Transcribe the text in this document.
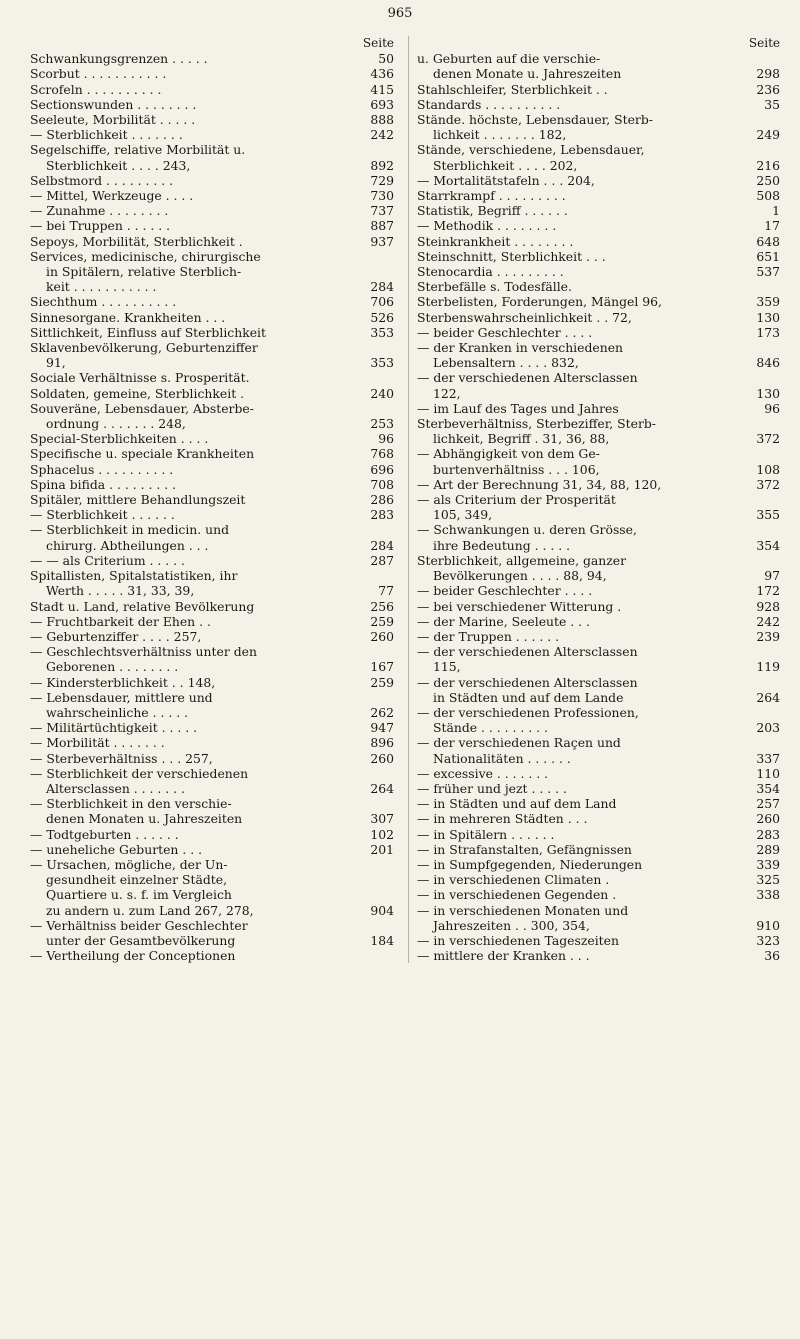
965
Seite
Schwankungsgrenzen . . . . .	50
Scorbut . . . . . . . . . . .	436
Scrofeln . . . . . . . . . .	415
Sectionswunden . . . . . . . .	693
Seeleute, Morbilität . . . . .	888
— Sterblichkeit . . . . . . .	242
Segelschiffe, relative Morbilität u.
Sterblichkeit . . . . 243,	892
Selbstmord . . . . . . . . .	729
— Mittel, Werkzeuge . . . .	730
— Zunahme . . . . . . . .	737
— bei Truppen . . . . . .	887
Sepoys, Morbilität, Sterblichkeit .	937
Services, medicinische, chirurgische
in Spitälern, relative Sterblich-
keit . . . . . . . . . . .	284
Siechthum . . . . . . . . . .	706
Sinnesorgane. Krankheiten . . .	526
Sittlichkeit, Einfluss auf Sterblichkeit	353
Sklavenbevölkerung, Geburtenziffer
91,	353
Sociale Verhältnisse s. Prosperität.
Soldaten, gemeine, Sterblichkeit .	240
Souveräne, Lebensdauer, Absterbe-
ordnung . . . . . . . 248,	253
Special-Sterblichkeiten . . . .	96
Specifische u. speciale Krankheiten	768
Sphacelus . . . . . . . . . .	696
Spina bifida . . . . . . . . .	708
Spitäler, mittlere Behandlungszeit	286
— Sterblichkeit . . . . . .	283
— Sterblichkeit in medicin. und
chirurg. Abtheilungen . . .	284
— — als Criterium . . . . .	287
Spitallisten, Spitalstatistiken, ihr
Werth . . . . . 31, 33, 39,	77
Stadt u. Land, relative Bevölkerung	256
— Fruchtbarkeit der Ehen . .	259
— Geburtenziffer . . . . 257,	260
— Geschlechtsverhältniss unter den
Geborenen . . . . . . . .	167
— Kindersterblichkeit . . 148,	259
— Lebensdauer, mittlere und
wahrscheinliche . . . . .	262
— Militärtüchtigkeit . . . . .	947
— Morbilität . . . . . . .	896
— Sterbeverhältniss . . . 257,	260
— Sterblichkeit der verschiedenen
Altersclassen . . . . . . .	264
— Sterblichkeit in den verschie-
denen Monaten u. Jahreszeiten	307
— Todtgeburten . . . . . .	102
— uneheliche Geburten . . .	201
— Ursachen, mögliche, der Un-
gesundheit einzelner Städte,
Quartiere u. s. f. im Vergleich
zu andern u. zum Land 267, 278,	904
— Verhältniss beider Geschlechter
unter der Gesamtbevölkerung	184
— Vertheilung der Conceptionen
Seite
u. Geburten auf die verschie-
denen Monate u. Jahreszeiten	298
Stahlschleifer, Sterblichkeit . .	236
Standards . . . . . . . . . .	35
Stände. höchste, Lebensdauer, Sterb-
lichkeit . . . . . . . 182,	249
Stände, verschiedene, Lebensdauer,
Sterblichkeit . . . . 202,	216
— Mortalitätstafeln . . . 204,	250
Starrkrampf . . . . . . . . .	508
Statistik, Begriff . . . . . .	1
— Methodik . . . . . . . .	17
Steinkrankheit . . . . . . . .	648
Steinschnitt, Sterblichkeit . . .	651
Stenocardia . . . . . . . . .	537
Sterbefälle s. Todesfälle.
Sterbelisten, Forderungen, Mängel 96,	359
Sterbenswahrscheinlichkeit . . 72,	130
— beider Geschlechter . . . .	173
— der Kranken in verschiedenen
Lebensaltern . . . . 832,	846
— der verschiedenen Altersclassen
122,	130
— im Lauf des Tages und Jahres	96
Sterbeverhältniss, Sterbeziffer, Sterb-
lichkeit, Begriff . 31, 36, 88,	372
— Abhängigkeit von dem Ge-
burtenverhältniss . . . 106,	108
— Art der Berechnung 31, 34, 88, 120,	372
— als Criterium der Prosperität
105, 349,	355
— Schwankungen u. deren Grösse,
ihre Bedeutung . . . . .	354
Sterblichkeit, allgemeine, ganzer
Bevölkerungen . . . . 88, 94,	97
— beider Geschlechter . . . .	172
— bei verschiedener Witterung .	928
— der Marine, Seeleute . . .	242
— der Truppen . . . . . .	239
— der verschiedenen Altersclassen
115,	119
— der verschiedenen Altersclassen
in Städten und auf dem Lande	264
— der verschiedenen Professionen,
Stände . . . . . . . . .	203
— der verschiedenen Raçen und
Nationalitäten . . . . . .	337
— excessive . . . . . . .	110
— früher und jezt . . . . .	354
— in Städten und auf dem Land	257
— in mehreren Städten . . .	260
— in Spitälern . . . . . .	283
— in Strafanstalten, Gefängnissen	289
— in Sumpfgegenden, Niederungen	339
— in verschiedenen Climaten .	325
— in verschiedenen Gegenden .	338
— in verschiedenen Monaten und
Jahreszeiten . . 300, 354,	910
— in verschiedenen Tageszeiten	323
— mittlere der Kranken . . .	36
